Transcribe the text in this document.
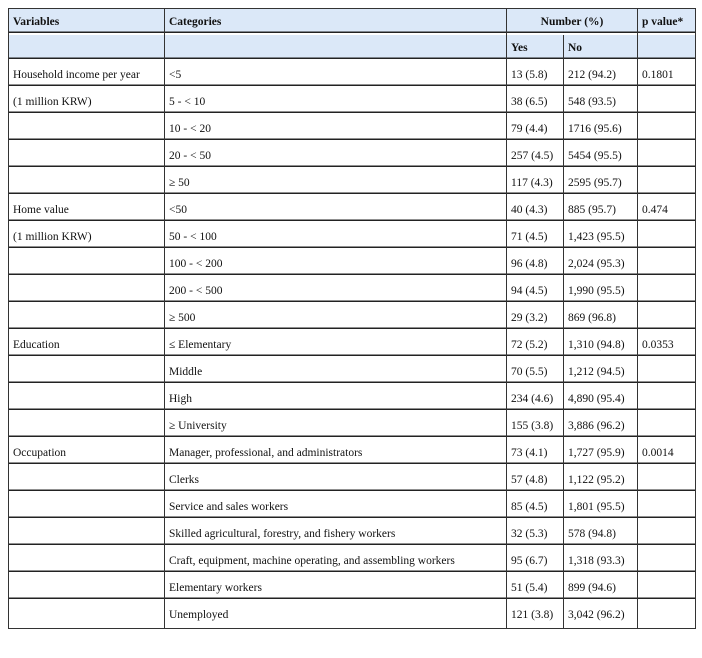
Variables	Categories	Number (%)		p value*
		Yes	No	
Household income per year	<5	13 (5.8)	212 (94.2)	0.1801
(1 million KRW)	5 - < 10	38 (6.5)	548 (93.5)	
	10 - < 20	79 (4.4)	1716 (95.6)	
	20 - < 50	257 (4.5)	5454 (95.5)	
	≥ 50	117 (4.3)	2595 (95.7)	
Home value	<50	40 (4.3)	885 (95.7)	0.474
(1 million KRW)	50 - < 100	71 (4.5)	1,423 (95.5)	
	100 - < 200	96 (4.8)	2,024 (95.3)	
	200 - < 500	94 (4.5)	1,990 (95.5)	
	≥ 500	29 (3.2)	869 (96.8)	
Education	≤ Elementary	72 (5.2)	1,310 (94.8)	0.0353
	Middle	70 (5.5)	1,212 (94.5)	
	High	234 (4.6)	4,890 (95.4)	
	≥ University	155 (3.8)	3,886 (96.2)	
Occupation	Manager, professional, and administrators	73 (4.1)	1,727 (95.9)	0.0014
	Clerks	57 (4.8)	1,122 (95.2)	
	Service and sales workers	85 (4.5)	1,801 (95.5)	
	Skilled agricultural, forestry, and fishery workers	32 (5.3)	578 (94.8)	
	Craft, equipment, machine operating, and assembling workers	95 (6.7)	1,318 (93.3)	
	Elementary workers	51 (5.4)	899 (94.6)	
	Unemployed	121 (3.8)	3,042 (96.2)	
